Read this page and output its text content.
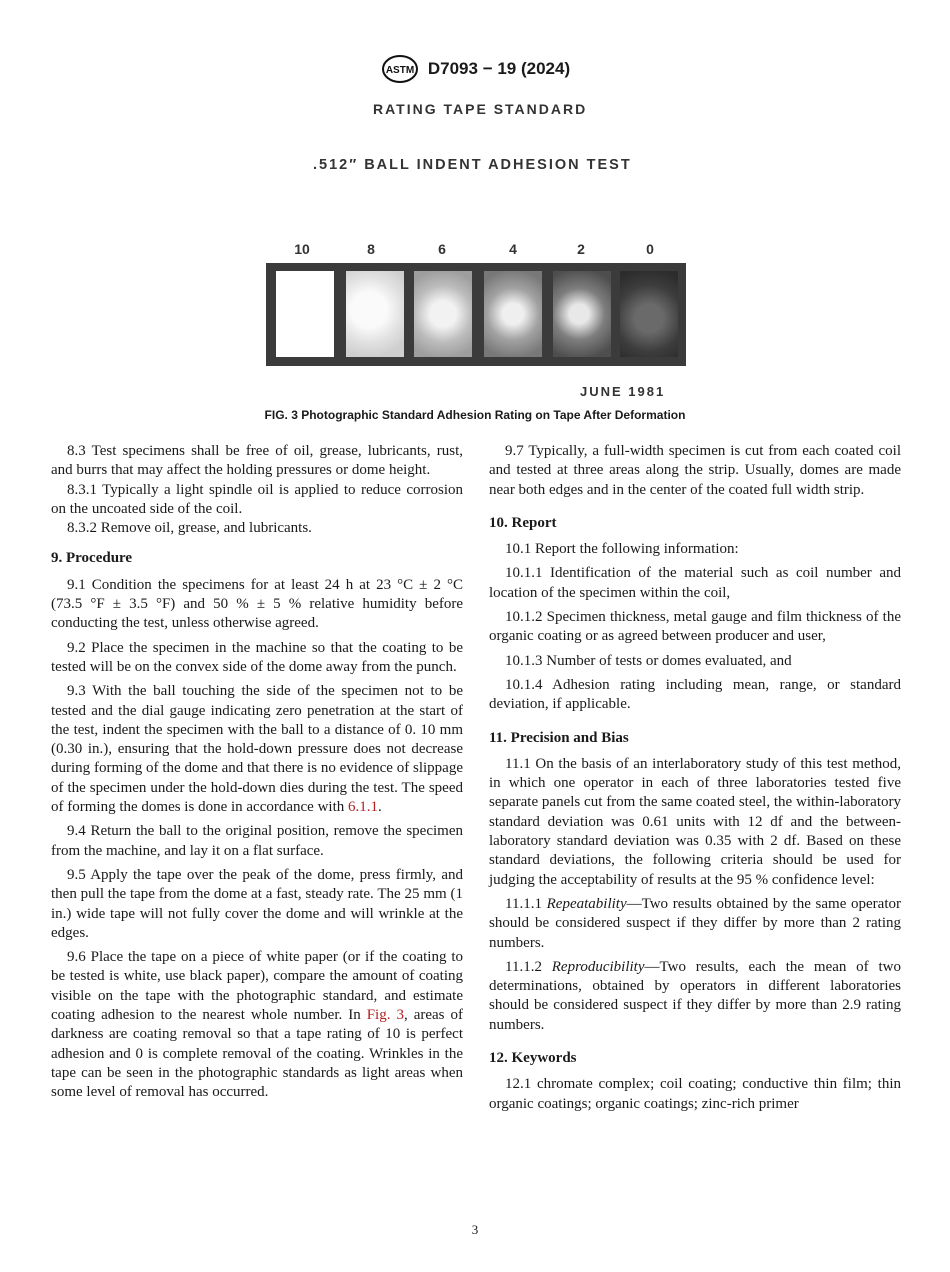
ASTM D7093 − 19 (2024)
RATING TAPE STANDARD
.512″ BALL INDENT ADHESION TEST
10	8	6	4	2	0
JUNE 1981
FIG. 3 Photographic Standard Adhesion Rating on Tape After Deformation

8.3 Test specimens shall be free of oil, grease, lubricants, rust, and burrs that may affect the holding pressures or dome height.

8.3.1 Typically a light spindle oil is applied to reduce corrosion on the uncoated side of the coil.

8.3.2 Remove oil, grease, and lubricants.

9. Procedure

9.1 Condition the specimens for at least 24 h at 23 °C ± 2 °C (73.5 °F ± 3.5 °F) and 50 % ± 5 % relative humidity before conducting the test, unless otherwise agreed.

9.2 Place the specimen in the machine so that the coating to be tested will be on the convex side of the dome away from the punch.

9.3 With the ball touching the side of the specimen not to be tested and the dial gauge indicating zero penetration at the start of the test, indent the specimen with the ball to a distance of 0. 10 mm (0.30 in.), ensuring that the hold-down pressure does not decrease during forming of the dome and that there is no evidence of slippage of the specimen under the hold-down dies during the test. The speed of forming the domes is done in accordance with 6.1.1.

9.4 Return the ball to the original position, remove the specimen from the machine, and lay it on a flat surface.

9.5 Apply the tape over the peak of the dome, press firmly, and then pull the tape from the dome at a fast, steady rate. The 25 mm (1 in.) wide tape will not fully cover the dome and will wrinkle at the edges.

9.6 Place the tape on a piece of white paper (or if the coating to be tested is white, use black paper), compare the amount of coating visible on the tape with the photographic standard, and estimate coating adhesion to the nearest whole number. In Fig. 3, areas of darkness are coating removal so that a tape rating of 10 is perfect adhesion and 0 is complete removal of the coating. Wrinkles in the tape can be seen in the photographic standards as light areas when some level of removal has occurred.

9.7 Typically, a full-width specimen is cut from each coated coil and tested at three areas along the strip. Usually, domes are made near both edges and in the center of the coated full width strip.

10. Report

10.1 Report the following information:

10.1.1 Identification of the material such as coil number and location of the specimen within the coil,

10.1.2 Specimen thickness, metal gauge and film thickness of the organic coating or as agreed between producer and user,

10.1.3 Number of tests or domes evaluated, and

10.1.4 Adhesion rating including mean, range, or standard deviation, if applicable.

11. Precision and Bias

11.1 On the basis of an interlaboratory study of this test method, in which one operator in each of three laboratories tested five separate panels cut from the same coated steel, the within-laboratory standard deviation was 0.61 units with 12 df and the between-laboratory standard deviation was 0.35 with 2 df. Based on these standard deviations, the following criteria should be used for judging the acceptability of results at the 95 % confidence level:

11.1.1 Repeatability—Two results obtained by the same operator should be considered suspect if they differ by more than 2 rating numbers.

11.1.2 Reproducibility—Two results, each the mean of two determinations, obtained by operators in different laboratories should be considered suspect if they differ by more than 2.9 rating numbers.

12. Keywords

12.1 chromate complex; coil coating; conductive thin film; thin organic coatings; organic coatings; zinc-rich primer

3
